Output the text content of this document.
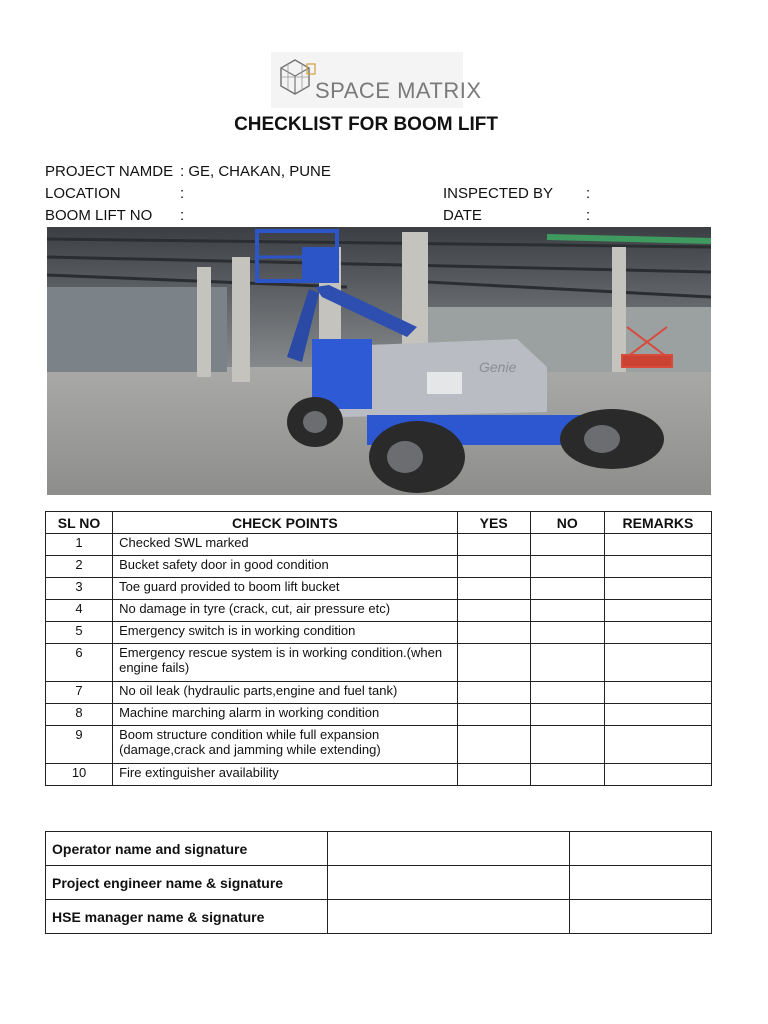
SPACE MATRIX
CHECKLIST FOR BOOM LIFT
PROJECT NAMDE : GE, CHAKAN, PUNE
LOCATION	:
BOOM LIFT NO :
INSPECTED BY :
DATE	:
Genie
SL NO	CHECK POINTS	YES	NO	REMARKS
1	Checked SWL marked			
2	Bucket safety door in good condition			
3	Toe guard provided to boom lift bucket			
4	No damage in tyre (crack, cut, air pressure etc)			
5	Emergency switch is in working condition			
6	Emergency rescue system is in working condition.(when engine fails)			
7	No oil leak (hydraulic parts,engine and fuel tank)			
8	Machine marching alarm in working condition			
9	Boom structure condition while full expansion (damage,crack and jamming while extending)			
10	Fire extinguisher availability			
Operator name and signature		
Project engineer name & signature		
HSE manager name & signature		
